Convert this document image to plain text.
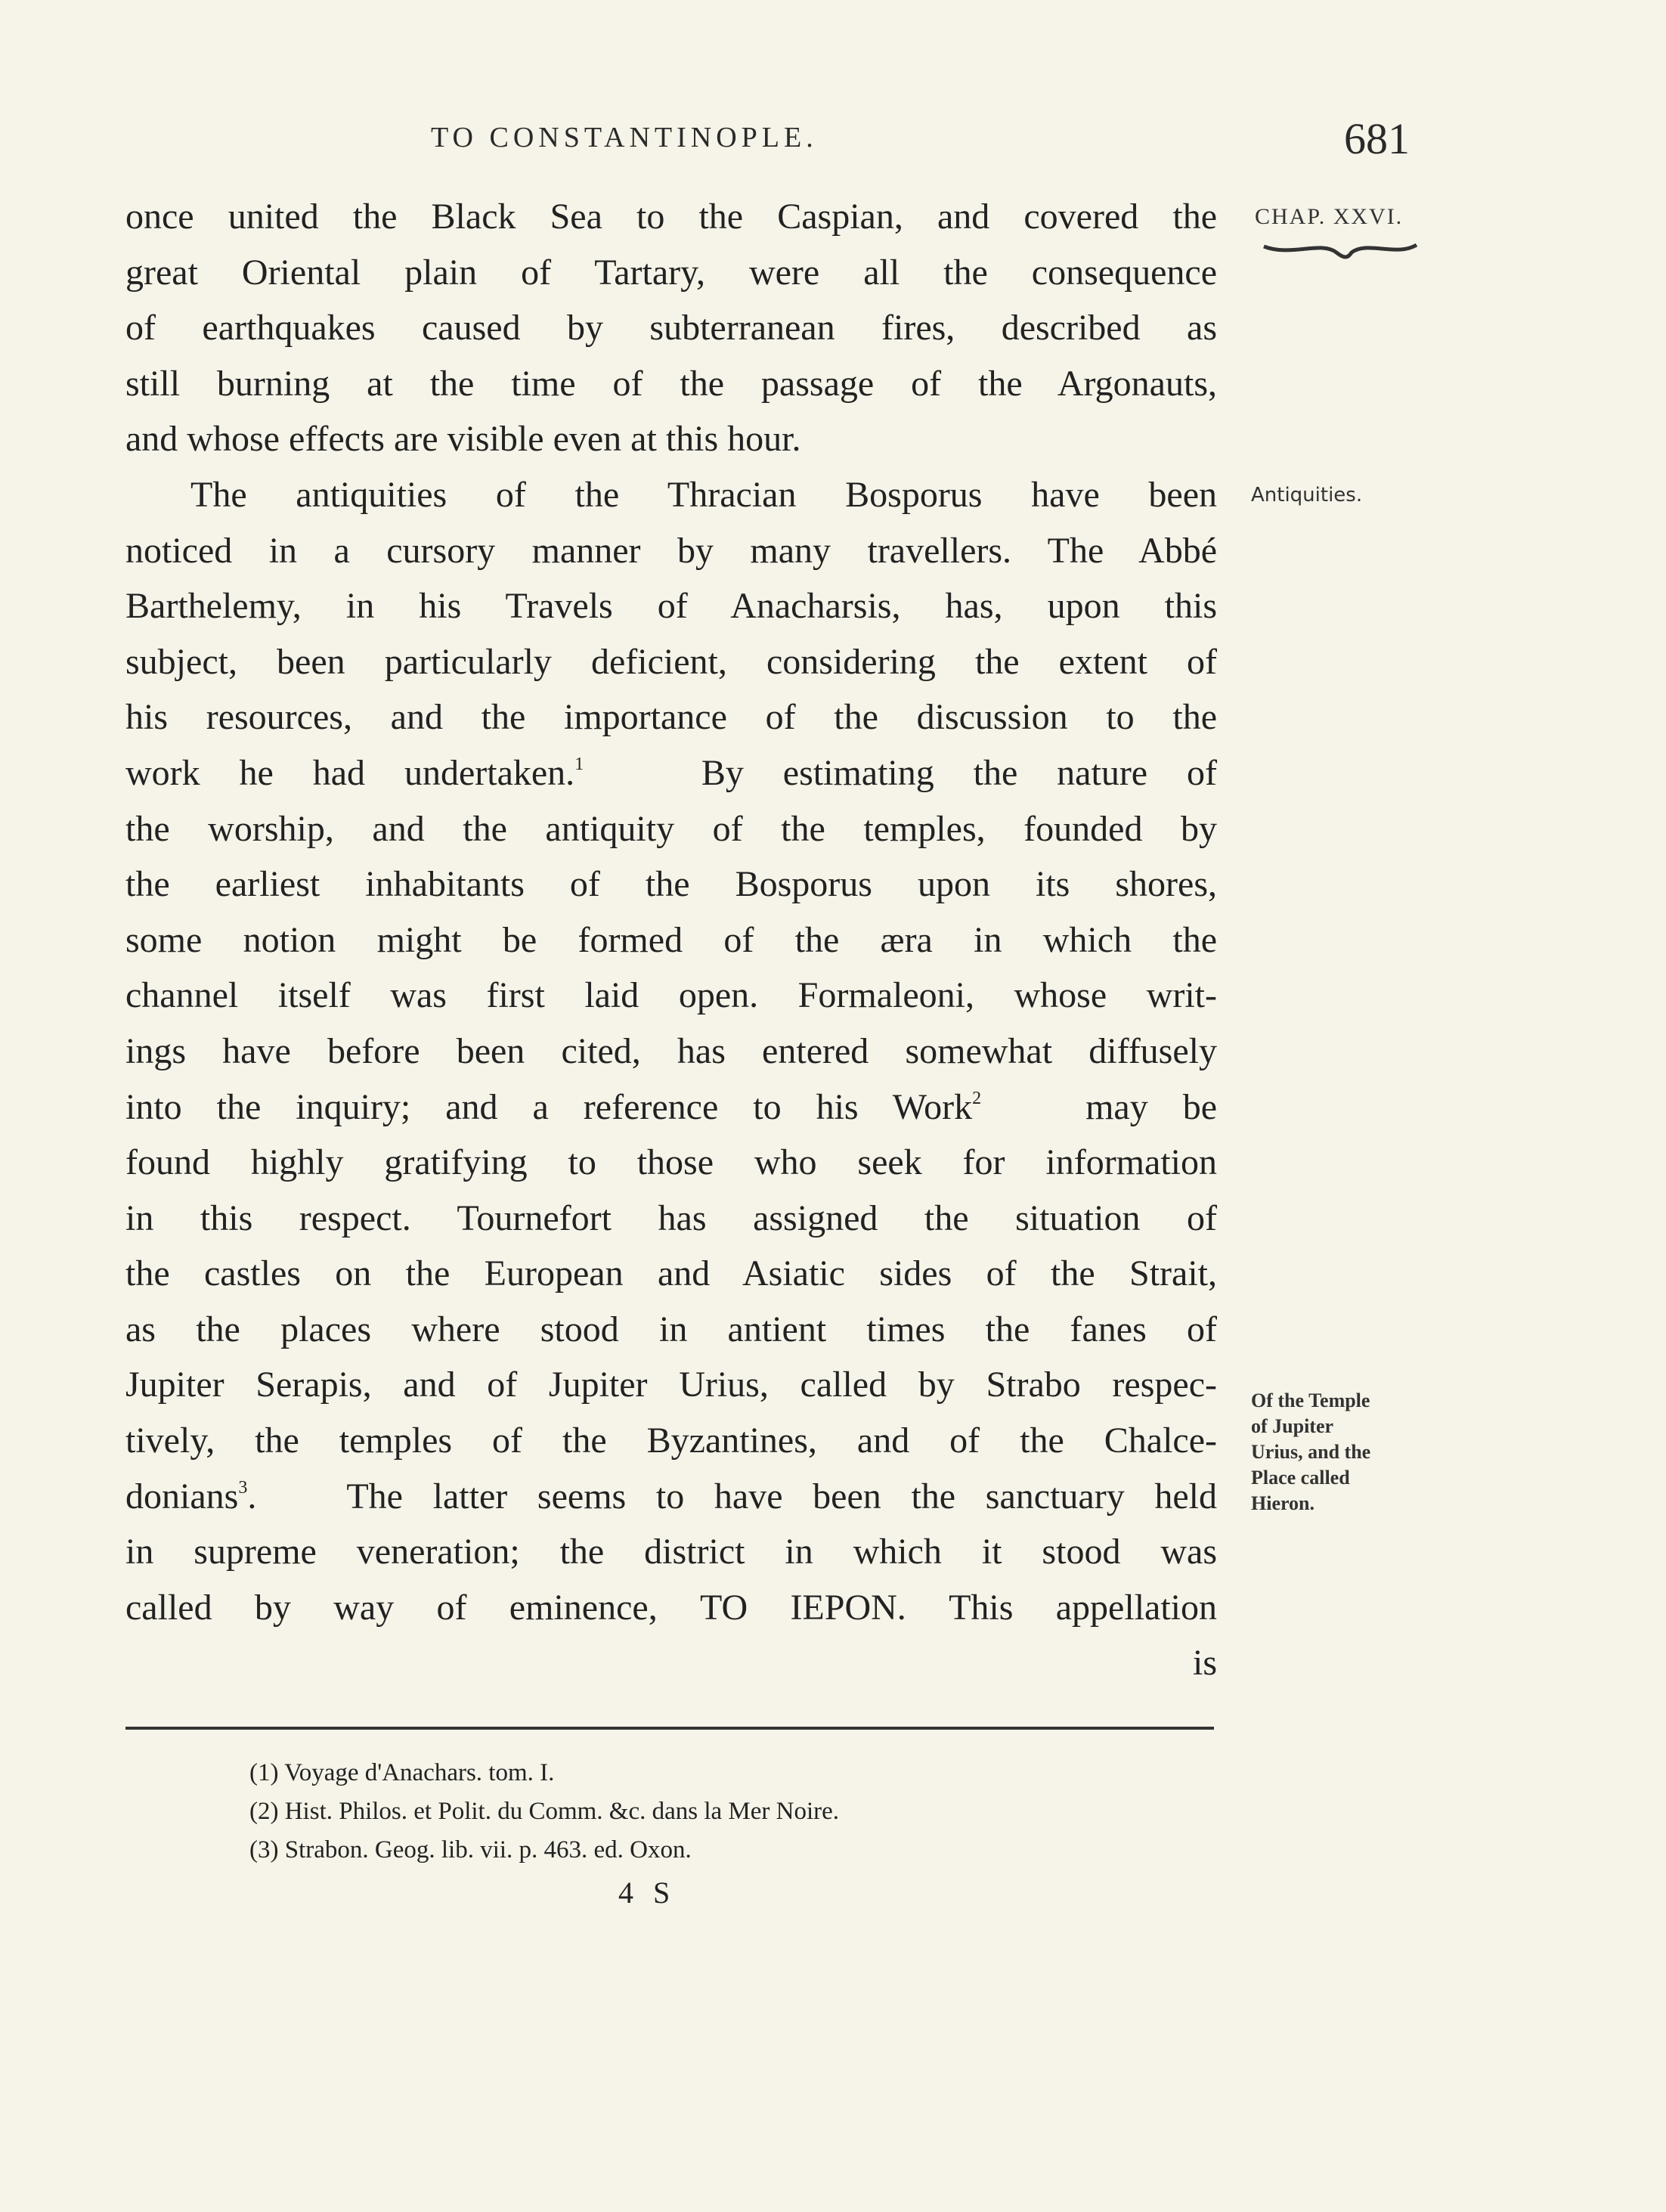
TO CONSTANTINOPLE.	681
CHAP. XXVI.
Antiquities.
Of the Temple
of Jupiter
Urius, and the
Place called
Hieron.
once united the Black Sea to the Caspian, and covered the
great Oriental plain of Tartary, were all the consequence
of earthquakes caused by subterranean fires, described as
still burning at the time of the passage of the Argonauts,
and whose effects are visible even at this hour.
The antiquities of the Thracian Bosporus have been
noticed in a cursory manner by many travellers. The Abbé
Barthelemy, in his Travels of Anacharsis, has, upon this
subject, been particularly deficient, considering the extent of
his resources, and the importance of the discussion to the
work he had undertaken.$^1$	By estimating the nature of
the worship, and the antiquity of the temples, founded by
the earliest inhabitants of the Bosporus upon its shores,
some notion might be formed of the æra in which the
channel itself was first laid open. Formaleoni, whose writ-
ings have before been cited, has entered somewhat diffusely
into the inquiry; and a reference to his Work$^2$	may be
found highly gratifying to those who seek for information
in this respect. Tournefort has assigned the situation of
the castles on the European and Asiatic sides of the Strait,
as the places where stood in antient times the fanes of
Jupiter Serapis, and of Jupiter Urius, called by Strabo respec-
tively, the temples of the Byzantines, and of the Chalce-
donians$^3$.   The latter seems to have been the sanctuary held
in supreme veneration; the district in which it stood was
called by way of eminence, ΤΟ ΙΕΡΟΝ. This appellation
is
(1) Voyage d'Anachars. tom. I.
(2) Hist. Philos. et Polit. du Comm. &c. dans la Mer Noire.
(3) Strabon. Geog. lib. vii. p. 463. ed. Oxon.
4 S
